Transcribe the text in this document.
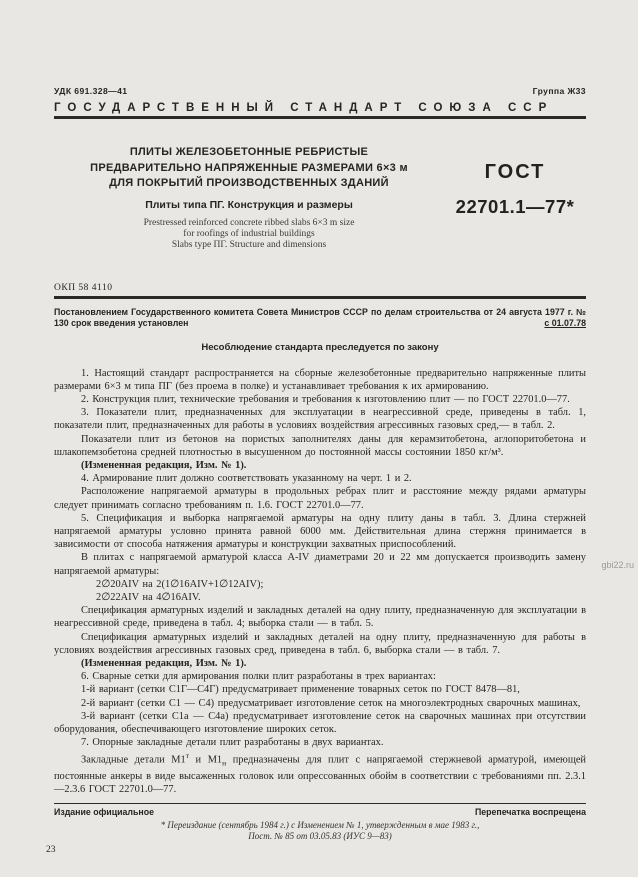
УДК 691.328—41	Группа Ж33
ГОСУДАРСТВЕННЫЙ СТАНДАРТ СОЮЗА ССР
ПЛИТЫ ЖЕЛЕЗОБЕТОННЫЕ РЕБРИСТЫЕ
ПРЕДВАРИТЕЛЬНО НАПРЯЖЕННЫЕ РАЗМЕРАМИ 6×3 м
ДЛЯ ПОКРЫТИЙ ПРОИЗВОДСТВЕННЫХ ЗДАНИЙ
Плиты типа ПГ. Конструкция и размеры
Prestressed reinforced concrete ribbed slabs 6×3 m size
for roofings of industrial buildings
Slabs type ПГ. Structure and dimensions
ГОСТ
22701.1—77*
ОКП 58 4110

Постановлением Государственного комитета Совета Министров СССР по делам строительства от 24 августа 1977 г. № 130 срок введения установлен	с 01.07.78
Несоблюдение стандарта преследуется по закону

1. Настоящий стандарт распространяется на сборные железобетонные предварительно напряженные плиты размерами 6×3 м типа ПГ (без проема в полке) и устанавливает требования к их армированию.

2. Конструкция плит, технические требования и требования к изготовлению плит — по ГОСТ 22701.0—77.

3. Показатели плит, предназначенных для эксплуатации в неагрессивной среде, приведены в табл. 1, показатели плит, предназначенных для работы в условиях воздействия агрессивных газовых сред,— в табл. 2.

Показатели плит из бетонов на пористых заполнителях даны для керамзитобетона, аглопоритобетона и шлакопемзобетона средней плотностью в высушенном до постоянной массы состоянии 1850 кг/м³.

(Измененная редакция, Изм. № 1).

4. Армирование плит должно соответствовать указанному на черт. 1 и 2.

Расположение напрягаемой арматуры в продольных ребрах плит и расстояние между рядами арматуры следует принимать согласно требованиям п. 1.6. ГОСТ 22701.0—77.

5. Спецификация и выборка напрягаемой арматуры на одну плиту даны в табл. 3. Длина стержней напрягаемой арматуры условно принята равной 6000 мм. Действительная длина стержня принимается в зависимости от способа натяжения арматуры и конструкции захватных приспособлений.

В плитах с напрягаемой арматурой класса А-IV диаметрами 20 и 22 мм допускается производить замену напрягаемой арматуры:

2∅20АIV на 2(1∅16АIV+1∅12АIV);

2∅22АIV на 4∅16АIV.

Спецификация арматурных изделий и закладных деталей на одну плиту, предназначенную для эксплуатации в неагрессивной среде, приведена в табл. 4; выборка стали — в табл. 5.

Спецификация арматурных изделий и закладных деталей на одну плиту, предназначенную для работы в условиях воздействия агрессивных газовых сред, приведена в табл. 6, выборка стали — в табл. 7.

(Измененная редакция, Изм. № 1).

6. Сварные сетки для армирования полки плит разработаны в трех вариантах:

1-й вариант (сетки С1Г—С4Г) предусматривает применение товарных сеток по ГОСТ 8478—81,

2-й вариант (сетки С1 — С4) предусматривает изготовление сеток на многоэлектродных сварочных машинах,

3-й вариант (сетки С1а — С4а) предусматривает изготовление сеток на сварочных машинах при отсутствии оборудования, обеспечивающего изготовление широких сеток.

7. Опорные закладные детали плит разработаны в двух вариантах.

Закладные детали $М1^т$ и $М1_н$ предназначены для плит с напрягаемой стержневой арматурой, имеющей постоянные анкеры в виде высаженных головок или опрессованных обойм в соответствии с требованиями пп. 2.3.1—2.3.6 ГОСТ 22701.0—77.

Издание официальное	Перепечатка воспрещена
* Переиздание (сентябрь 1984 г.) с Изменением № 1, утвержденным в мае 1983 г.,
Пост. № 85 от 03.05.83 (ИУС 9—83)
23
gbi22.ru
